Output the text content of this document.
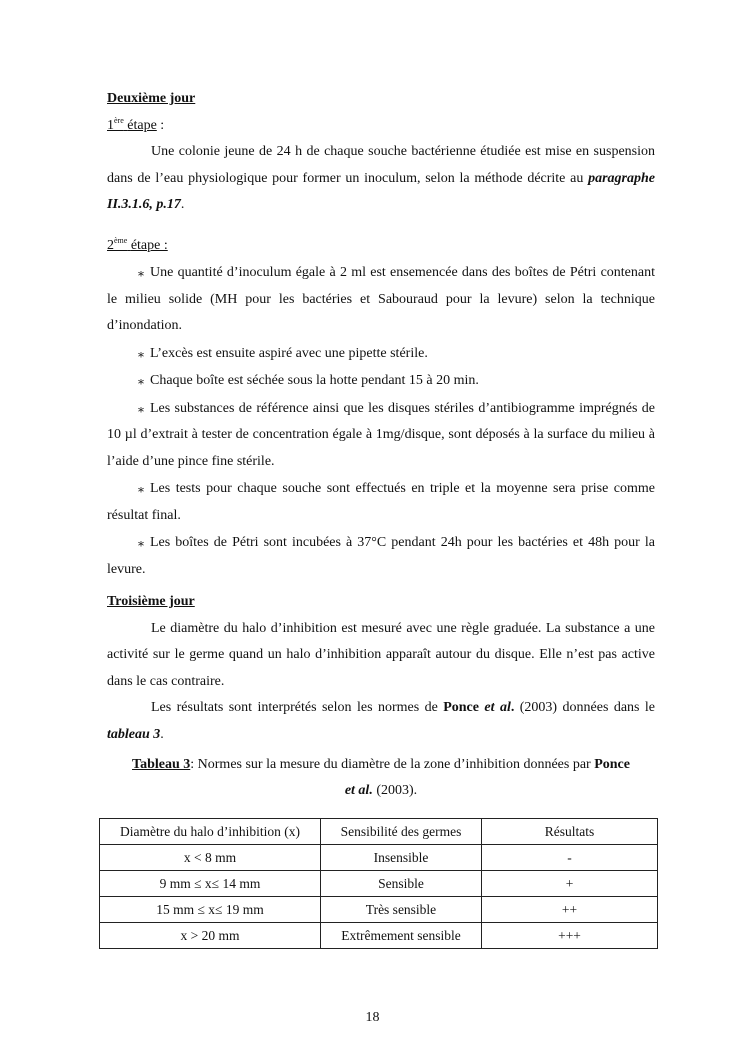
Deuxième jour

1ère étape :

Une colonie jeune de 24 h de chaque souche bactérienne étudiée est mise en suspension dans de l’eau physiologique pour former un inoculum, selon la méthode décrite au paragraphe II.3.1.6, p.17.

2ème étape :

⁎ Une quantité d’inoculum égale à 2 ml est ensemencée dans des boîtes de Pétri contenant le milieu solide (MH pour les bactéries et Sabouraud pour la levure) selon la technique d’inondation.

⁎ L’excès est ensuite aspiré avec une pipette stérile.

⁎ Chaque boîte est séchée sous la hotte pendant 15 à 20 min.

⁎ Les substances de référence ainsi que les disques stériles d’antibiogramme imprégnés de 10 µl d’extrait à tester de concentration égale à 1mg/disque, sont déposés à la surface du milieu à l’aide d’une pince fine stérile.

⁎ Les tests pour chaque souche sont effectués en triple et la moyenne sera prise comme résultat final.

⁎ Les boîtes de Pétri sont incubées à 37°C pendant 24h pour les bactéries et 48h pour la levure.

Troisième jour

Le diamètre du halo d’inhibition est mesuré avec une règle graduée. La substance a une activité sur le germe quand un halo d’inhibition apparaît autour du disque. Elle n’est pas active dans le cas contraire.

Les résultats sont interprétés selon les normes de Ponce et al. (2003) données dans le tableau 3.

Tableau 3: Normes sur la mesure du diamètre de la zone d’inhibition données par Ponce
et al. (2003).
Diamètre du halo d’inhibition (x)	Sensibilité des germes	Résultats
x < 8 mm	Insensible	-
9 mm ≤ x≤ 14 mm	Sensible	+
15 mm ≤ x≤ 19 mm	Très sensible	++
x > 20 mm	Extrêmement sensible	+++
18
